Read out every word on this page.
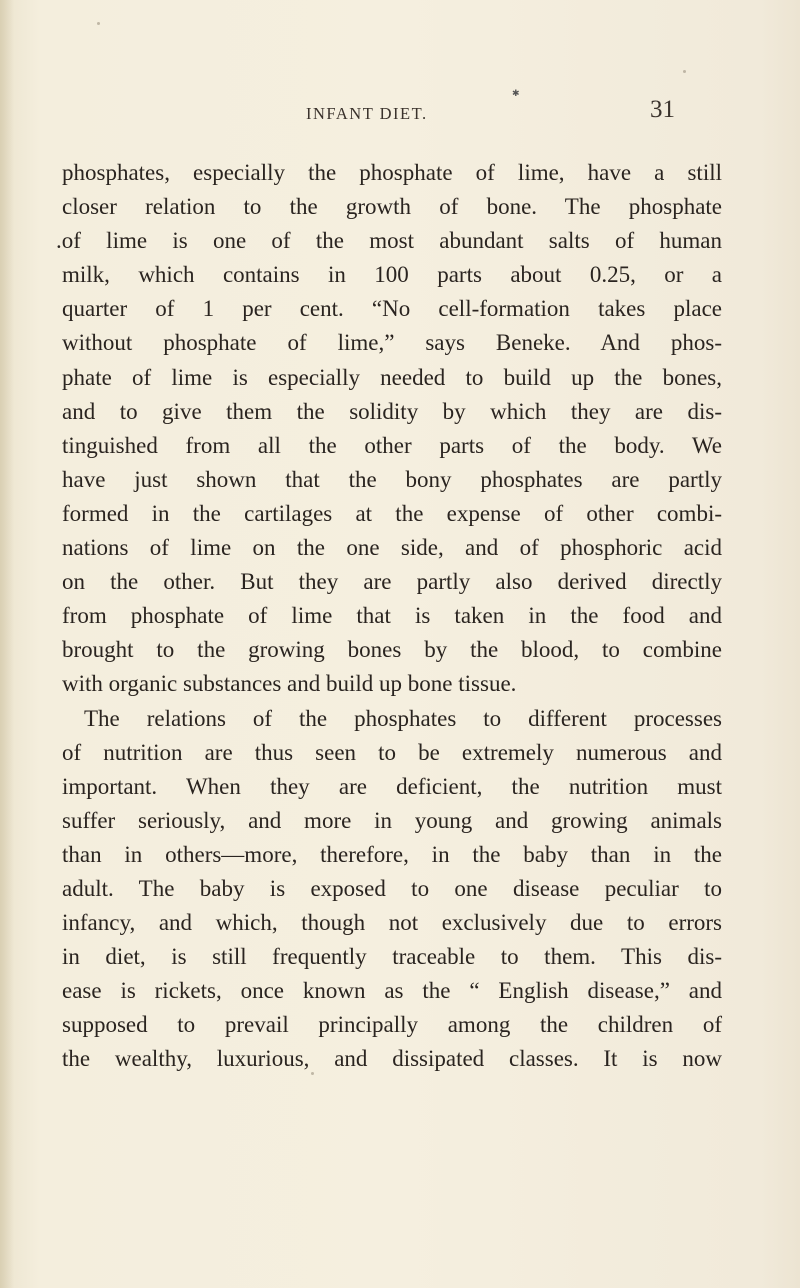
✱
INFANT DIET.	31
phosphates, especially the phosphate of lime, have a still
closer relation to the growth of bone. The phosphate
.of lime is one of the most abundant salts of human
milk, which contains in 100 parts about 0.25, or a
quarter of 1 per cent. “No cell-formation takes place
without phosphate of lime,” says Beneke. And phos-
phate of lime is especially needed to build up the bones,
and to give them the solidity by which they are dis-
tinguished from all the other parts of the body. We
have just shown that the bony phosphates are partly
formed in the cartilages at the expense of other combi-
nations of lime on the one side, and of phosphoric acid
on the other. But they are partly also derived directly
from phosphate of lime that is taken in the food and
brought to the growing bones by the blood, to combine
with organic substances and build up bone tissue.
The relations of the phosphates to different processes
of nutrition are thus seen to be extremely numerous and
important. When they are deficient, the nutrition must
suffer seriously, and more in young and growing animals
than in others—more, therefore, in the baby than in the
adult. The baby is exposed to one disease peculiar to
infancy, and which, though not exclusively due to errors
in diet, is still frequently traceable to them. This dis-
ease is rickets, once known as the “ English disease,” and
supposed to prevail principally among the children of
the wealthy, luxurious, and dissipated classes. It is now
